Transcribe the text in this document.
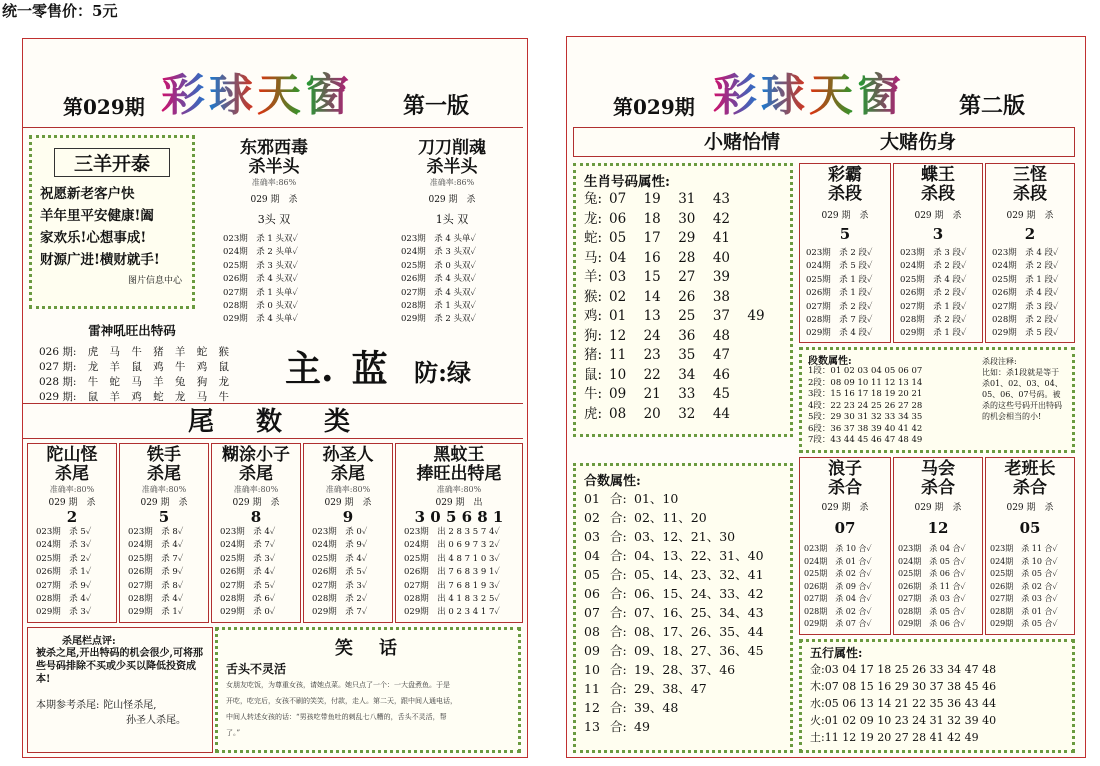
统一零售价：5元
第029期 彩球天窗 第一版
三羊开泰
祝愿新老客户快
羊年里平安健康!阖
家欢乐!心想事成!
财源广进!横财就手!
图片信息中心
东邪西毒
杀半头
准确率:86%
029 期　杀
3头 双
023期　杀 1 头双✓
024期　杀 2 头单✓
025期　杀 3 头双✓
026期　杀 4 头双✓
027期　杀 1 头单✓
028期　杀 0 头双✓
029期　杀 4 头单✓
刀刀削魂
杀半头
准确率:86%
029 期　杀
1头 双
023期　杀 4 头单✓
024期　杀 3 头双✓
025期　杀 0 头双✓
026期　杀 4 头双✓
027期　杀 4 头双✓
028期　杀 1 头双✓
029期　杀 2 头双✓
雷神吼旺出特码
026 期: 虎 马 牛 猪 羊 蛇 猴
027 期: 龙 羊 鼠 鸡 牛 鸡 鼠
028 期: 牛 蛇 马 羊 兔 狗 龙
029 期: 鼠 羊 鸡 蛇 龙 马 牛
主. 蓝 防:绿
尾　数　类
陀山怪
杀尾
准确率:80%
029 期　杀
2
023期　杀 5✓
024期　杀 3✓
025期　杀 2✓
026期　杀 1✓
027期　杀 9✓
028期　杀 4✓
029期　杀 3✓
铁手
杀尾
准确率:80%
029 期　杀
5
023期　杀 8✓
024期　杀 4✓
025期　杀 7✓
026期　杀 9✓
027期　杀 8✓
028期　杀 4✓
029期　杀 1✓
糊涂小子
杀尾
准确率:80%
029 期　杀
8
023期　杀 4✓
024期　杀 7✓
025期　杀 3✓
026期　杀 4✓
027期　杀 5✓
028期　杀 6✓
029期　杀 0✓
孙圣人
杀尾
准确率:80%
029 期　杀
9
023期　杀 0✓
024期　杀 9✓
025期　杀 4✓
026期　杀 5✓
027期　杀 3✓
028期　杀 2✓
029期　杀 7✓
黑蚊王
捧旺出特尾
准确率:80%
029 期　出
3 0 5 6 8 1
023期　出 2 8 3 5 7 4✓
024期　出 0 6 9 7 3 2✓
025期　出 4 8 7 1 0 3✓
026期　出 7 6 8 3 9 1✓
027期　出 7 6 8 1 9 3✓
028期　出 4 1 8 3 2 5✓
029期　出 0 2 3 4 1 7✓
杀尾栏点评:
被杀之尾,开出特码的机会很少,可将那些号码排除不买或少买以降低投资成本!
本期参考杀尾: 陀山怪杀尾,
孙圣人杀尾。
笑　话
舌头不灵活
女朋友吃饭，为尊重女孩，请她点菜。她只点了一个：一大盘煮鱼。于是
开吃，吃完后，女孩不刷的笑笑，付款，走人。第二天，跟中间人通电话，
中间人转述女孩的话：“男孩吃带鱼吐的刺乱七八糟的，舌头不灵活，帮
了。”
第029期 彩球天窗 第二版
小赌怡情	大赌伤身
生肖号码属性:
兔: 07	19	31	43
龙: 06	18	30	42
蛇: 05	17	29	41
马: 04	16	28	40
羊: 03	15	27	39
猴: 02	14	26	38
鸡: 01	13	25	37	49
狗: 12	24	36	48
猪: 11	23	35	47
鼠: 10	22	34	46
牛: 09	21	33	45
虎: 08	20	32	44
彩霸
杀段
029 期　杀
5
023期　杀 2 段✓
024期　杀 5 段✓
025期　杀 1 段✓
026期　杀 1 段✓
027期　杀 2 段✓
028期　杀 7 段✓
029期　杀 4 段✓
蝶王
杀段
029 期　杀
3
023期　杀 3 段✓
024期　杀 2 段✓
025期　杀 4 段✓
026期　杀 2 段✓
027期　杀 1 段✓
028期　杀 2 段✓
029期　杀 1 段✓
三怪
杀段
029 期　杀
2
023期　杀 4 段✓
024期　杀 2 段✓
025期　杀 1 段✓
026期　杀 4 段✓
027期　杀 3 段✓
028期　杀 2 段✓
029期　杀 5 段✓
段数属性:
1段：01 02 03 04 05 06 07
2段：08 09 10 11 12 13 14
3段：15 16 17 18 19 20 21
4段：22 23 24 25 26 27 28
5段：29 30 31 32 33 34 35
6段：36 37 38 39 40 41 42
7段：43 44 45 46 47 48 49
杀段注释:
比如：杀1段就是等于杀01、02、03、04、05、06、07号码。被杀的这些号码开出特码的机会相当的小!
合数属性:
01 合: 01、10
02 合: 02、11、20
03 合: 03、12、21、30
04 合: 04、13、22、31、40
05 合: 05、14、23、32、41
06 合: 06、15、24、33、42
07 合: 07、16、25、34、43
08 合: 08、17、26、35、44
09 合: 09、18、27、36、45
10 合: 19、28、37、46
11 合: 29、38、47
12 合: 39、48
13 合: 49
浪子
杀合
029 期　杀
07
023期　杀 10 合✓
024期　杀 01 合✓
025期　杀 02 合✓
026期　杀 09 合✓
027期　杀 04 合✓
028期　杀 02 合✓
029期　杀 07 合✓
马会
杀合
029 期　杀
12
023期　杀 04 合✓
024期　杀 05 合✓
025期　杀 06 合✓
026期　杀 11 合✓
027期　杀 03 合✓
028期　杀 05 合✓
029期　杀 06 合✓
老班长
杀合
029 期　杀
05
023期　杀 11 合✓
024期　杀 10 合✓
025期　杀 05 合✓
026期　杀 02 合✓
027期　杀 03 合✓
028期　杀 01 合✓
029期　杀 05 合✓
五行属性:
金:03 04 17 18 25 26 33 34 47 48
木:07 08 15 16 29 30 37 38 45 46
水:05 06 13 14 21 22 35 36 43 44
火:01 02 09 10 23 24 31 32 39 40
土:11 12 19 20 27 28 41 42 49
